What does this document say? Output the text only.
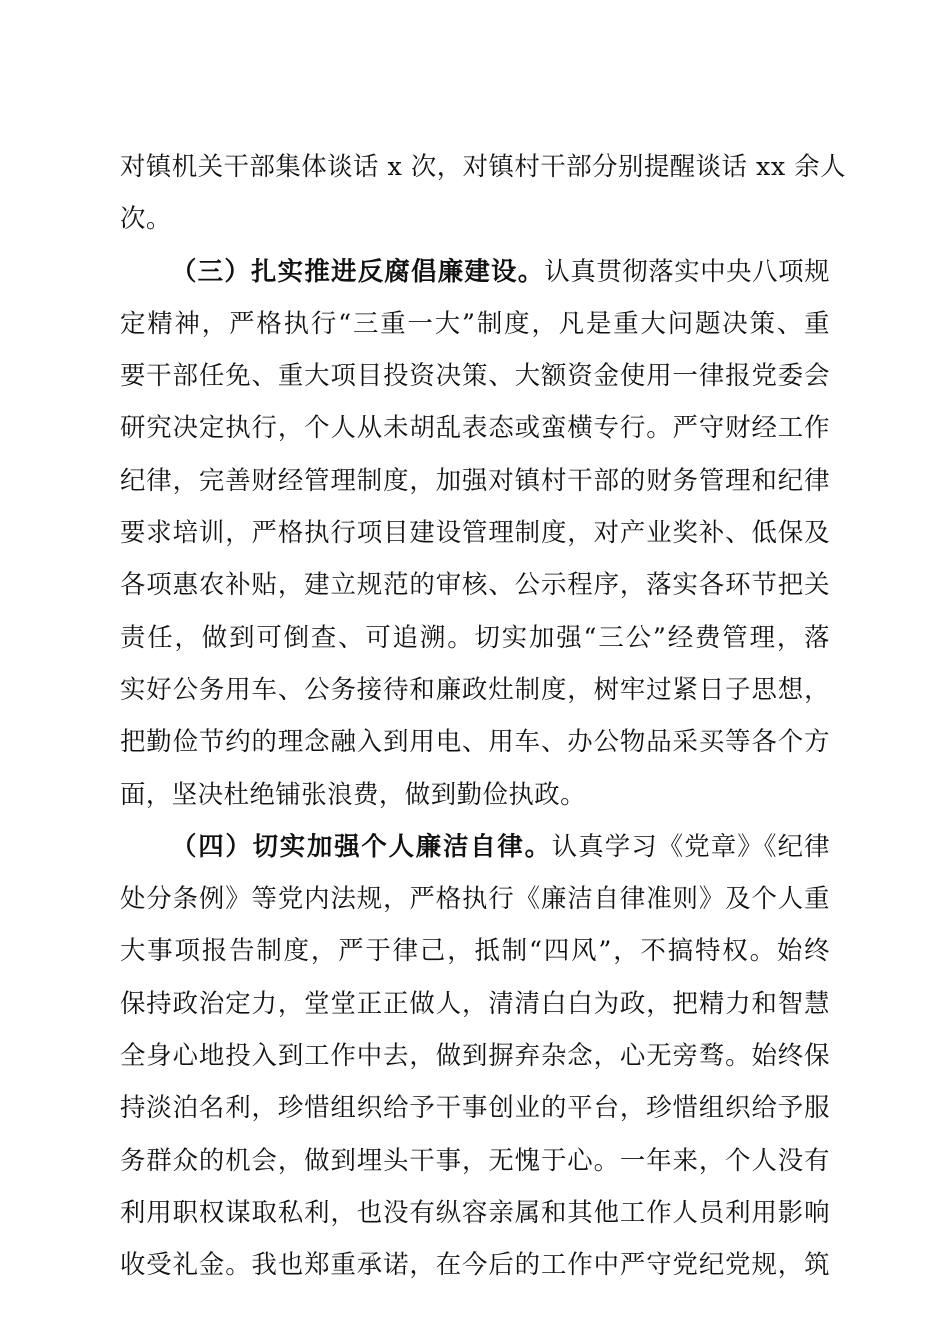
对镇机关干部集体谈话 x 次，对镇村干部分别提醒谈话 xx 余人
次。
（三）扎实推进反腐倡廉建设。认真贯彻落实中央八项规
定精神，严格执行“三重一大”制度，凡是重大问题决策、重
要干部任免、重大项目投资决策、大额资金使用一律报党委会
研究决定执行，个人从未胡乱表态或蛮横专行。严守财经工作
纪律，完善财经管理制度，加强对镇村干部的财务管理和纪律
要求培训，严格执行项目建设管理制度，对产业奖补、低保及
各项惠农补贴，建立规范的审核、公示程序，落实各环节把关
责任，做到可倒查、可追溯。切实加强“三公”经费管理，落
实好公务用车、公务接待和廉政灶制度，树牢过紧日子思想，
把勤俭节约的理念融入到用电、用车、办公物品采买等各个方
面，坚决杜绝铺张浪费，做到勤俭执政。
（四）切实加强个人廉洁自律。认真学习《党章》《纪律
处分条例》等党内法规，严格执行《廉洁自律准则》及个人重
大事项报告制度，严于律己，抵制“四风”，不搞特权。始终
保持政治定力，堂堂正正做人，清清白白为政，把精力和智慧
全身心地投入到工作中去，做到摒弃杂念，心无旁骛。始终保
持淡泊名利，珍惜组织给予干事创业的平台，珍惜组织给予服
务群众的机会，做到埋头干事，无愧于心。一年来，个人没有
利用职权谋取私利，也没有纵容亲属和其他工作人员利用影响
收受礼金。我也郑重承诺，在今后的工作中严守党纪党规，筑
